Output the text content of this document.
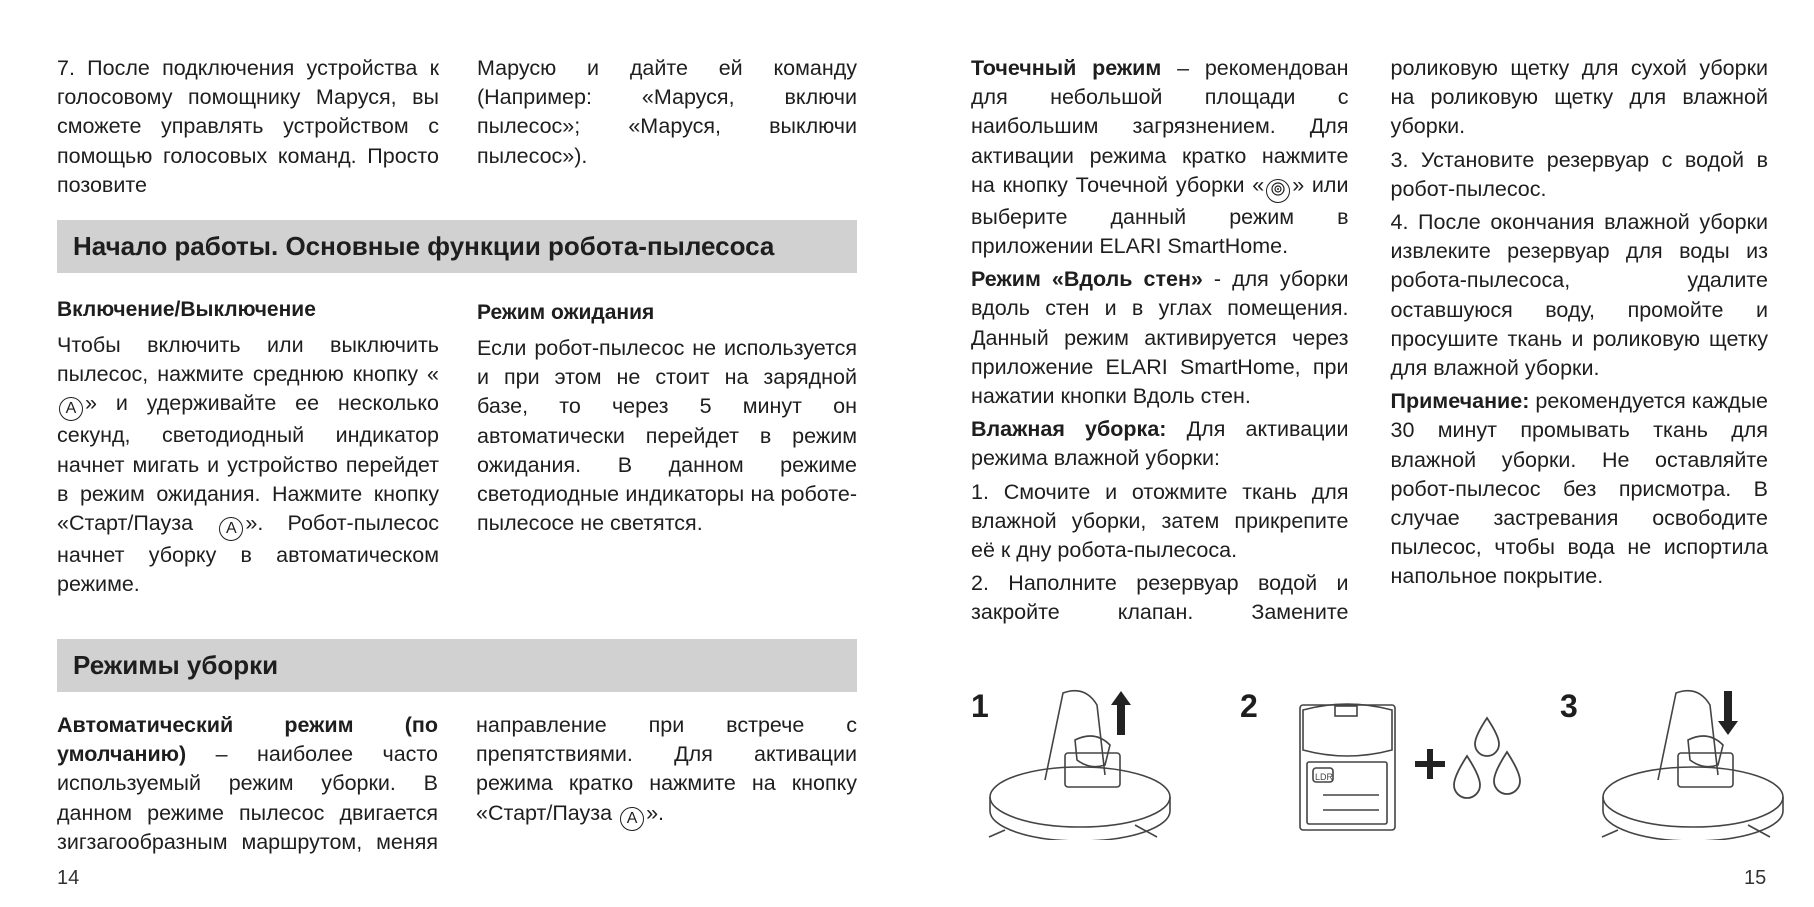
7. После подключения устройства к голосовому помощнику Маруся, вы сможете управлять устройством с помощью голосовых команд. Просто позовите

Марусю и дайте ей команду (Например: «Маруся, включи пылесос»; «Маруся, выключи пылесос»).

Начало работы. Основные функции робота-пылесоса
Включение/Выключение

Чтобы включить или выключить пылесос, нажмите среднюю кнопку «A » и удерживайте ее несколько секунд, светодиодный индикатор начнет мигать и устройство перейдет в режим ожидания. Нажмите кнопку «Старт/Пауза A ». Робот-пылесос начнет уборку в автоматическом режиме.

Режим ожидания

Если робот-пылесос не используется и при этом не стоит на зарядной базе, то через 5 минут он автоматически перейдет в режим ожидания. В данном режиме светодиодные индикаторы на роботе-пылесосе не светятся.

Режимы уборки

Автоматический режим (по умолчанию) – наиболее часто используемый режим уборки. В данном режиме пылесос двигается зигзагообразным маршрутом, меняя направление при встрече с препятствиями. Для активации режима кратко нажмите на кнопку «Старт/Пауза A ».

14

Точечный режим – рекомендован для небольшой площади с наибольшим загрязнением. Для активации режима кратко нажмите на кнопку Точечной уборки « » или выберите данный режим в приложении ELARI SmartHome.

Режим «Вдоль стен» - для уборки вдоль стен и в углах помещения. Данный режим активируется через приложение ELARI SmartHome, при нажатии кнопки Вдоль стен.

Влажная уборка: Для активации режима влажной уборки:

1. Смочите и отожмите ткань для влажной уборки, затем прикрепите её к дну робота-пылесоса.

2. Наполните резервуар водой и закройте клапан. Замените роликовую щетку для сухой уборки на роликовую щетку для влажной уборки.

3. Установите резервуар с водой в робот-пылесос.

4. После окончания влажной уборки извлеките резервуар для воды из робота-пылесоса, удалите оставшуюся воду, промойте и просушите ткань и роликовую щетку для влажной уборки.

Примечание: рекомендуется каждые 30 минут промывать ткань для влажной уборки. Не оставляйте робот-пылесос без присмотра. В случае застревания освободите пылесос, чтобы вода не испортила напольное покрытие.

1	2	3
LDR
15
